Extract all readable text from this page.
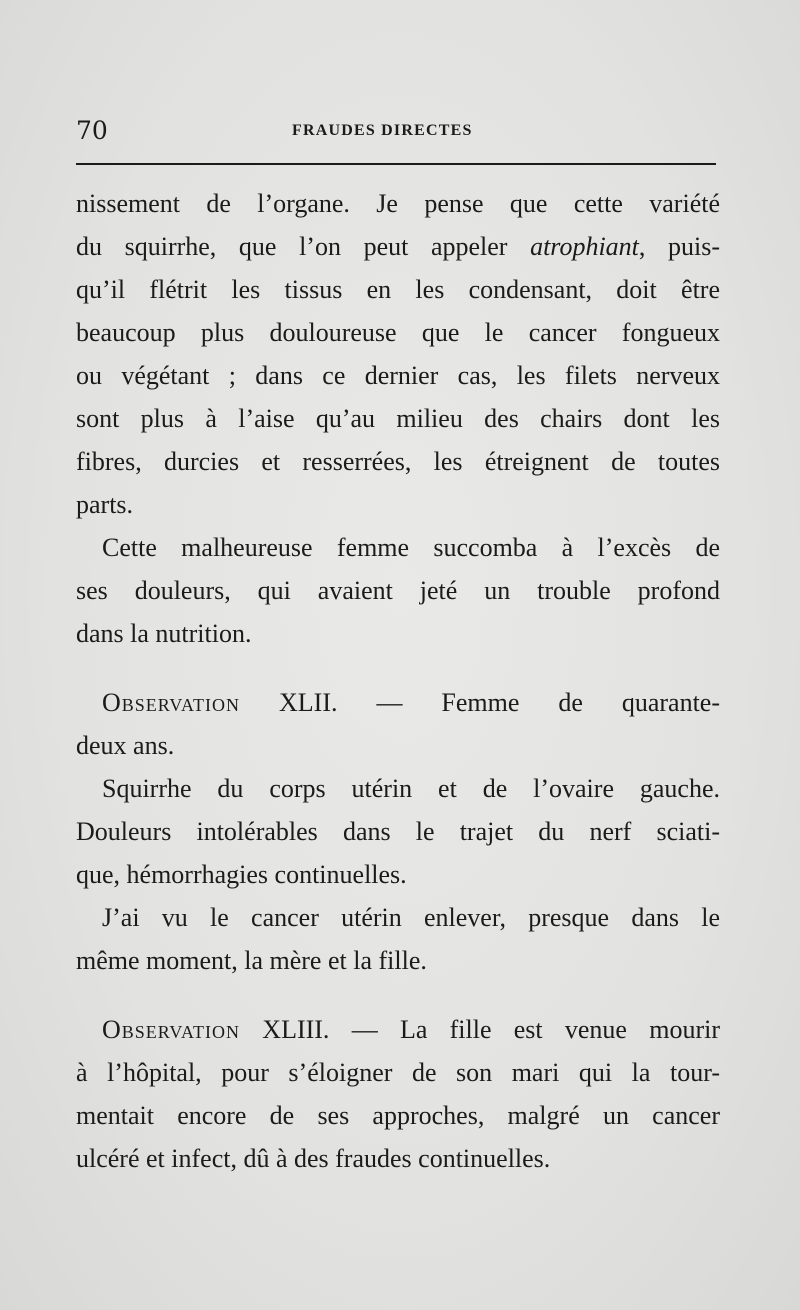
70	FRAUDES DIRECTES
nissement de l’organe. Je pense que cette variété
du squirrhe, que l’on peut appeler atrophiant, puis-
qu’il flétrit les tissus en les condensant, doit être
beaucoup plus douloureuse que le cancer fongueux
ou végétant ; dans ce dernier cas, les filets nerveux
sont plus à l’aise qu’au milieu des chairs dont les
fibres, durcies et resserrées, les étreignent de toutes
parts.
Cette malheureuse femme succomba à l’excès de
ses douleurs, qui avaient jeté un trouble profond
dans la nutrition.
Observation XLII. — Femme de quarante-
deux ans.
Squirrhe du corps utérin et de l’ovaire gauche.
Douleurs intolérables dans le trajet du nerf sciati-
que, hémorrhagies continuelles.
J’ai vu le cancer utérin enlever, presque dans le
même moment, la mère et la fille.
Observation XLIII. — La fille est venue mourir
à l’hôpital, pour s’éloigner de son mari qui la tour-
mentait encore de ses approches, malgré un cancer
ulcéré et infect, dû à des fraudes continuelles.
